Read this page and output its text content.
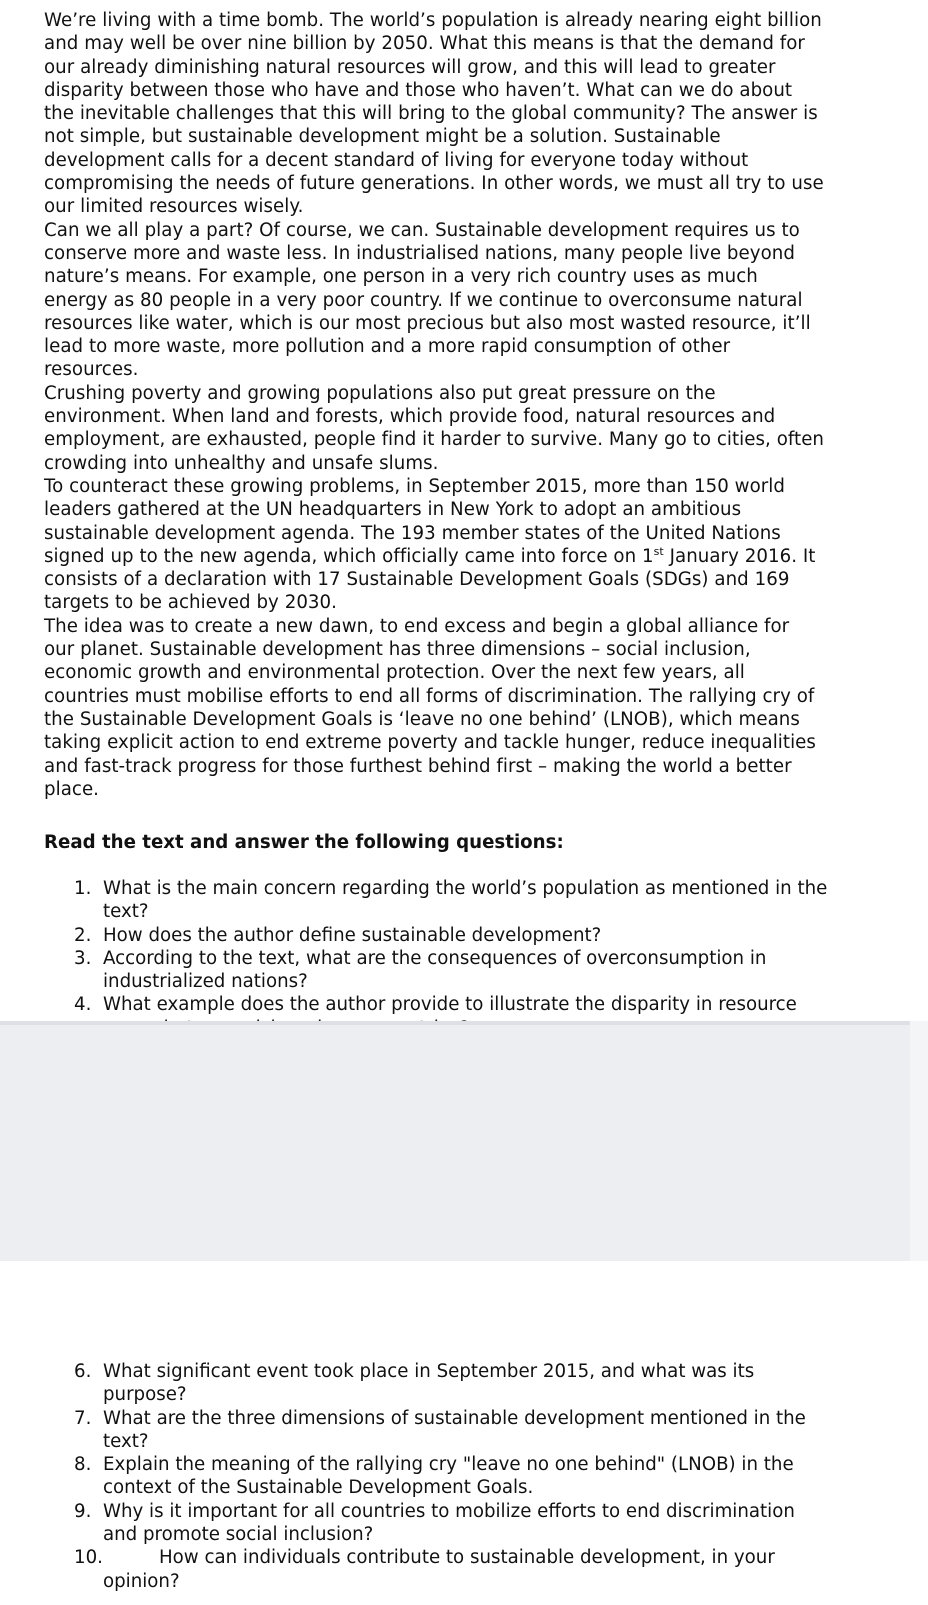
We’re living with a time bomb. The world’s population is already nearing eight billion and may well be over nine billion by 2050. What this means is that the demand for our already diminishing natural resources will grow, and this will lead to greater disparity between those who have and those who haven’t. What can we do about the inevitable challenges that this will bring to the global community? The answer is not simple, but sustainable development might be a solution. Sustainable development calls for a decent standard of living for everyone today without compromising the needs of future generations. In other words, we must all try to use our limited resources wisely.

Can we all play a part? Of course, we can. Sustainable development requires us to conserve more and waste less. In industrialised nations, many people live beyond nature’s means. For example, one person in a very rich country uses as much energy as 80 people in a very poor country. If we continue to overconsume natural resources like water, which is our most precious but also most wasted resource, it’ll lead to more waste, more pollution and a more rapid consumption of other resources.

Crushing poverty and growing populations also put great pressure on the environment. When land and forests, which provide food, natural resources and employment, are exhausted, people find it harder to survive. Many go to cities, often crowding into unhealthy and unsafe slums.

To counteract these growing problems, in September 2015, more than 150 world leaders gathered at the UN headquarters in New York to adopt an ambitious sustainable development agenda. The 193 member states of the United Nations signed up to the new agenda, which officially came into force on 1st January 2016. It consists of a declaration with 17 Sustainable Development Goals (SDGs) and 169 targets to be achieved by 2030.

The idea was to create a new dawn, to end excess and begin a global alliance for our planet. Sustainable development has three dimensions – social inclusion, economic growth and environmental protection. Over the next few years, all countries must mobilise efforts to end all forms of discrimination. The rallying cry of the Sustainable Development Goals is ‘leave no one behind’ (LNOB), which means taking explicit action to end extreme poverty and tackle hunger, reduce inequalities and fast-track progress for those furthest behind first – making the world a better place.

Read the text and answer the following questions:
1. What is the main concern regarding the world’s population as mentioned in the text?
2. How does the author define sustainable development?
3. According to the text, what are the consequences of overconsumption in industrialized nations?
4. What example does the author provide to illustrate the disparity in resource
6. What significant event took place in September 2015, and what was its purpose?
7. What are the three dimensions of sustainable development mentioned in the text?
8. Explain the meaning of the rallying cry "leave no one behind" (LNOB) in the context of the Sustainable Development Goals.
9. Why is it important for all countries to mobilize efforts to end discrimination and promote social inclusion?
10.	How can individuals contribute to sustainable development, in your opinion?
